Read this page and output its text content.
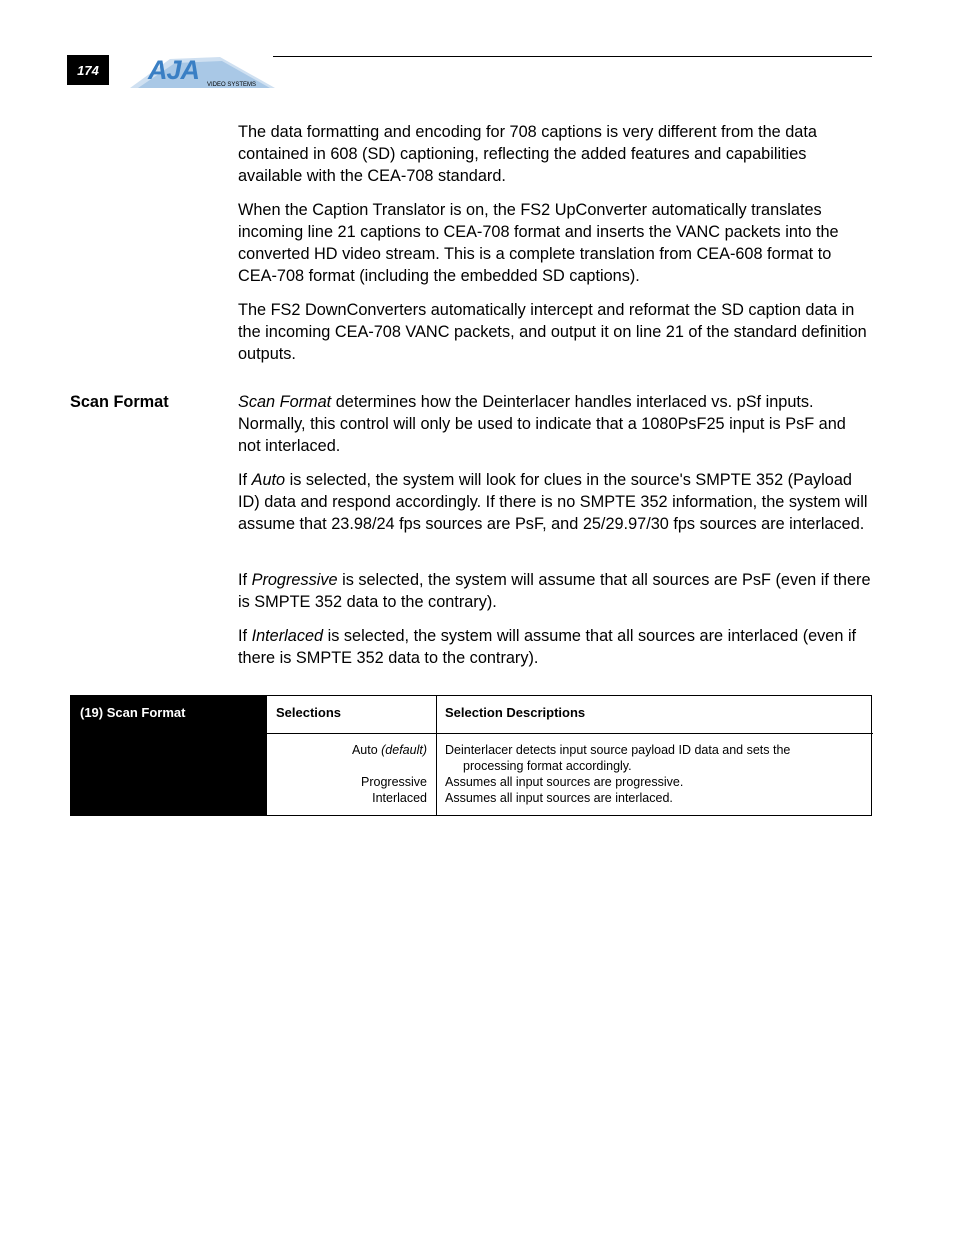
174 AJA VIDEO SYSTEMS

The data formatting and encoding for 708 captions is very different from the data contained in 608 (SD) captioning, reflecting the added features and capabilities available with the CEA-708 standard.

When the Caption Translator is on, the FS2 UpConverter automatically translates incoming line 21 captions to CEA-708 format and inserts the VANC packets into the converted HD video stream. This is a complete translation from CEA-608 format to CEA-708 format (including the embedded SD captions).

The FS2 DownConverters automatically intercept and reformat the SD caption data in the incoming CEA-708 VANC packets, and output it on line 21 of the standard definition outputs.

Scan Format	Scan Format determines how the Deinterlacer handles interlaced vs. pSf inputs. Normally, this control will only be used to indicate that a 1080PsF25 input is PsF and not interlaced.

If Auto is selected, the system will look for clues in the source's SMPTE 352 (Payload ID) data and respond accordingly. If there is no SMPTE 352 information, the system will assume that 23.98/24 fps sources are PsF, and 25/29.97/30 fps sources are interlaced.

If Progressive is selected, the system will assume that all sources are PsF (even if there is SMPTE 352 data to the contrary).

If Interlaced is selected, the system will assume that all sources are interlaced (even if there is SMPTE 352 data to the contrary).

(19) Scan Format	Selections
Auto (default)
Progressive
Interlaced
Selection Descriptions
Deinterlacer detects input source payload ID data and sets the
processing format accordingly.
Assumes all input sources are progressive.
Assumes all input sources are interlaced.
